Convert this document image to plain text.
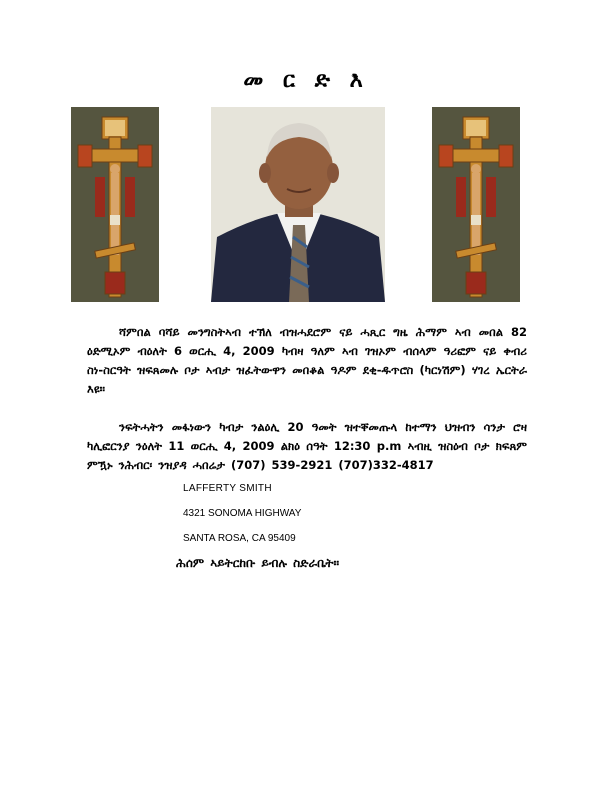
መ ር ድ እ
ሻምበል ባሻይ መንግስትኣብ ተኽለ ብዝሓደሮም ናይ ሓጺር ግዜ ሕማም ኣብ መበል 82 ዕድሚኦም ብዕለት 6 ወርሒ 4, 2009 ካብዛ ዓለም ኣብ ገዝኦም ብሰላም ዓሪፎም ናይ ቀብሪ ስነ-ስርዓት ዝፍጸመሉ ቦታ ኣብታ ዝፈትውዋን መበቆል ዓዶም ደቂ-ዱጥሮስ (ካርነሽም) ሃገረ ኤርትራ እዩ።
ንፍትሓትን መፋነውን ካብታ ንልዕሊ 20 ዓመት ዝተቐመጡላ ከተማን ህዝብን ሳንታ ሮዛ ካሊፎርንያ ንዕለት 11 ወርሒ 4, 2009 ልክዕ ሰዓት 12:30 p.m ኣብዚ ዝስዕብ ቦታ ክፍጸም ምዃኑ ንሕብር፡ ንዝያዳ ሓበሬታ (707) 539-2921 (707)332-4817
LAFFERTY SMITH
4321 SONOMA HIGHWAY
SANTA ROSA, CA 95409
ሕሰም ኣይትርከቡ ይብሉ ስድራቤት።
